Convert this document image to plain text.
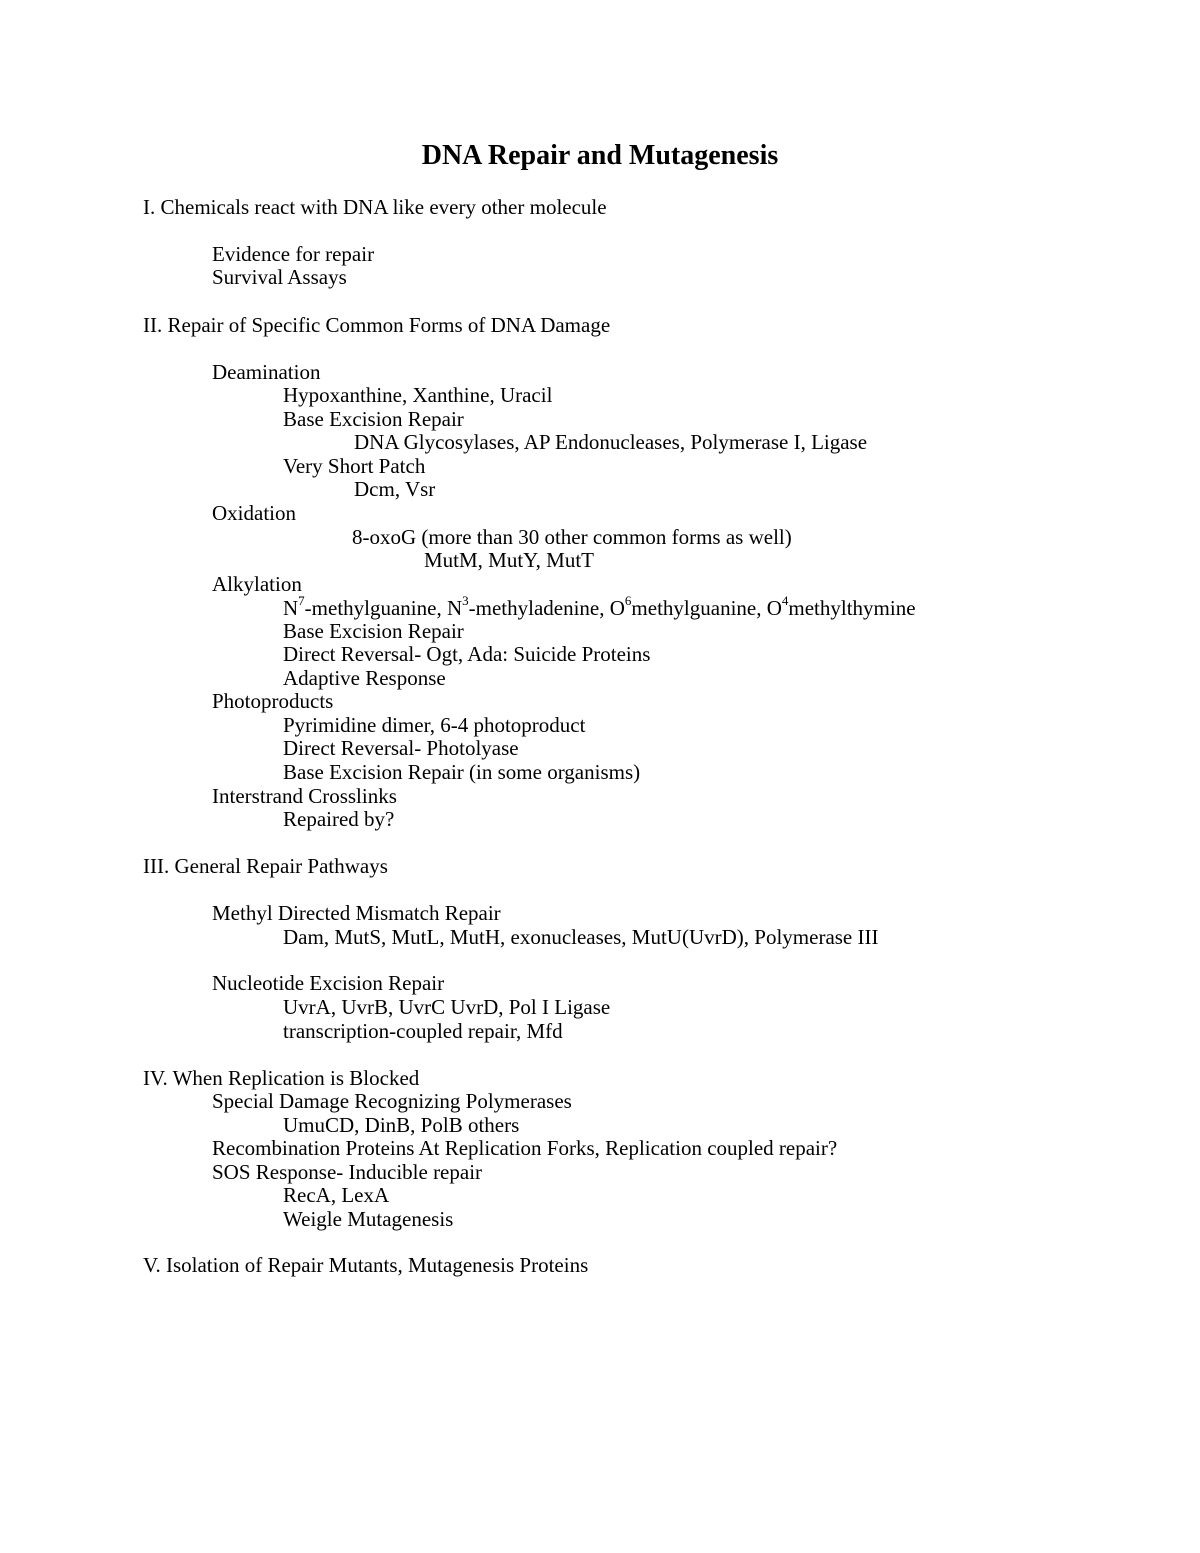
DNA Repair and Mutagenesis
I. Chemicals react with DNA like every other molecule
Evidence for repair
Survival Assays
II. Repair of Specific Common Forms of DNA Damage
Deamination
Hypoxanthine, Xanthine, Uracil
Base Excision Repair
DNA Glycosylases, AP Endonucleases, Polymerase I, Ligase
Very Short Patch
Dcm, Vsr
Oxidation
8-oxoG (more than 30 other common forms as well)
MutM, MutY, MutT
Alkylation
$N^7$-methylguanine, $N^3$-methyladenine, $O^6methylguanine$, $O^4methylthymine$
Base Excision Repair
Direct Reversal- Ogt, Ada: Suicide Proteins
Adaptive Response
Photoproducts
Pyrimidine dimer, 6-4 photoproduct
Direct Reversal- Photolyase
Base Excision Repair (in some organisms)
Interstrand Crosslinks
Repaired by?
III. General Repair Pathways
Methyl Directed Mismatch Repair
Dam, MutS, MutL, MutH, exonucleases, MutU(UvrD), Polymerase III
Nucleotide Excision Repair
UvrA, UvrB, UvrC UvrD, Pol I Ligase
transcription-coupled repair, Mfd
IV. When Replication is Blocked
Special Damage Recognizing Polymerases
UmuCD, DinB, PolB others
Recombination Proteins At Replication Forks, Replication coupled repair?
SOS Response- Inducible repair
RecA, LexA
Weigle Mutagenesis
V. Isolation of Repair Mutants, Mutagenesis Proteins
